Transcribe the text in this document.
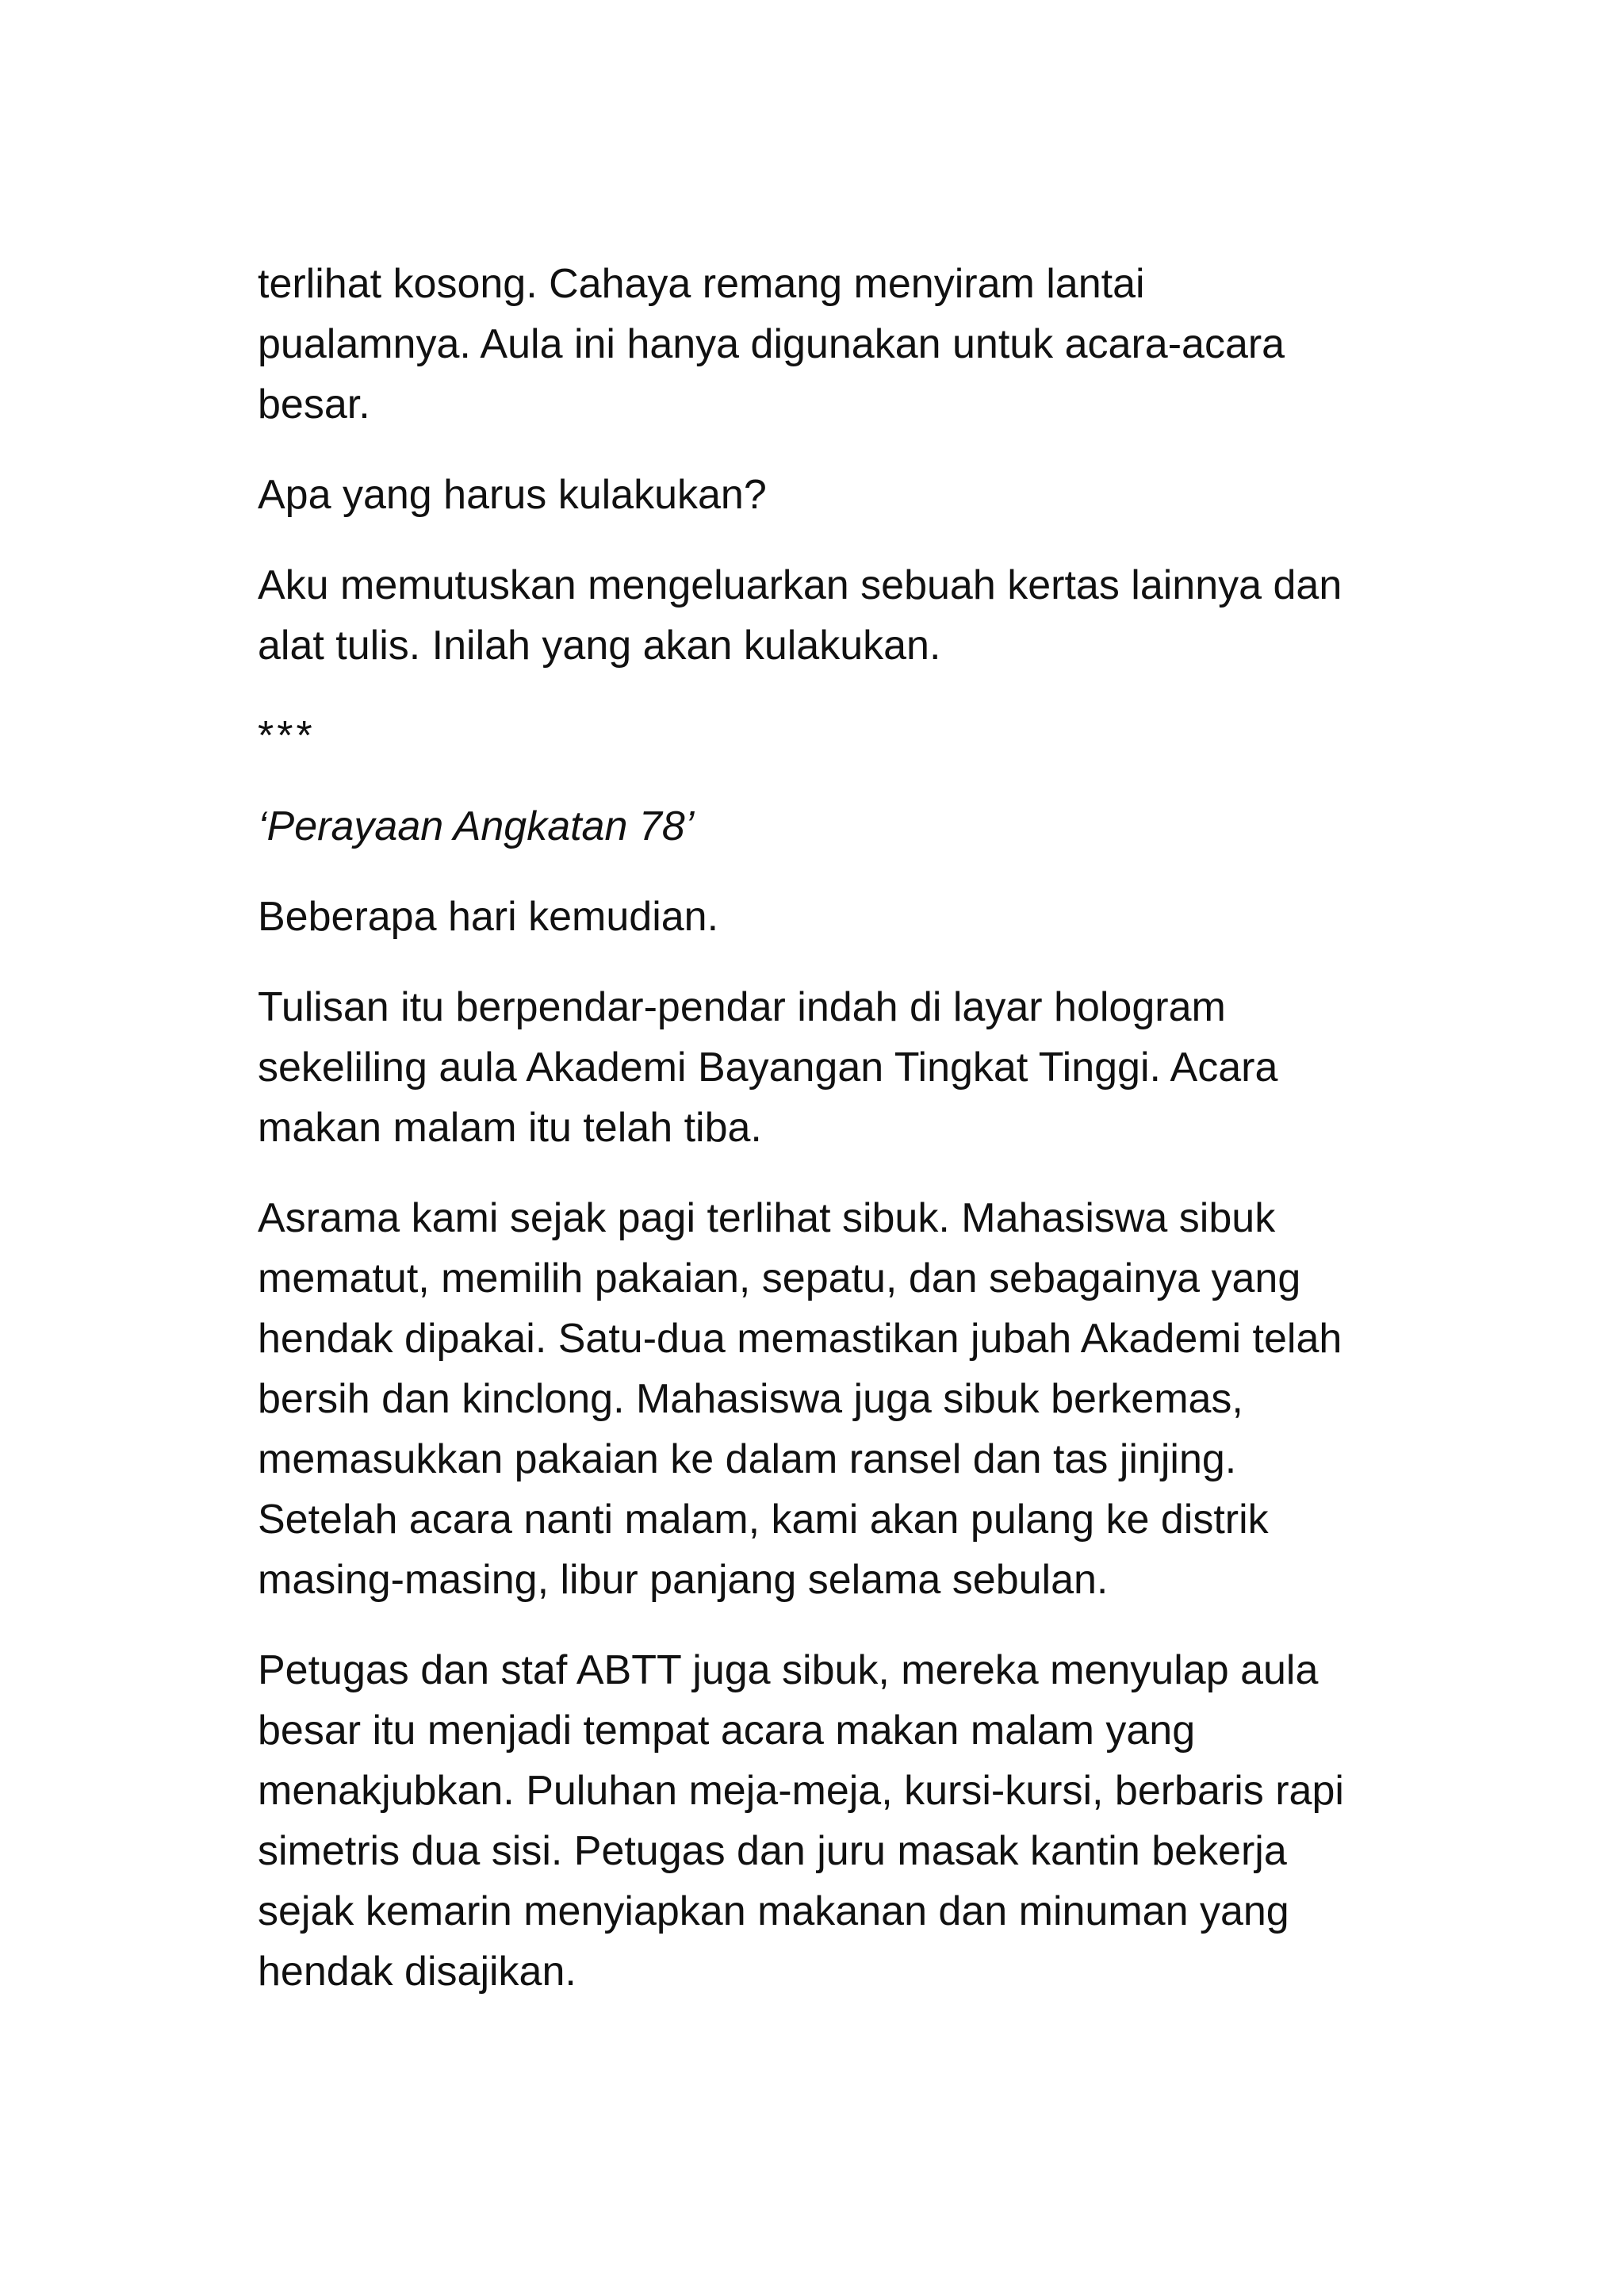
terlihat kosong. Cahaya remang menyiram lantai
pualamnya. Aula ini hanya digunakan untuk acara-acara
besar.

Apa yang harus kulakukan?

Aku memutuskan mengeluarkan sebuah kertas lainnya dan
alat tulis. Inilah yang akan kulakukan.

***

‘Perayaan Angkatan 78’

Beberapa hari kemudian.

Tulisan itu berpendar-pendar indah di layar hologram
sekeliling aula Akademi Bayangan Tingkat Tinggi. Acara
makan malam itu telah tiba.

Asrama kami sejak pagi terlihat sibuk. Mahasiswa sibuk
mematut, memilih pakaian, sepatu, dan sebagainya yang
hendak dipakai. Satu-dua memastikan jubah Akademi telah
bersih dan kinclong. Mahasiswa juga sibuk berkemas,
memasukkan pakaian ke dalam ransel dan tas jinjing.
Setelah acara nanti malam, kami akan pulang ke distrik
masing-masing, libur panjang selama sebulan.

Petugas dan staf ABTT juga sibuk, mereka menyulap aula
besar itu menjadi tempat acara makan malam yang
menakjubkan. Puluhan meja-meja, kursi-kursi, berbaris rapi
simetris dua sisi. Petugas dan juru masak kantin bekerja
sejak kemarin menyiapkan makanan dan minuman yang
hendak disajikan.
